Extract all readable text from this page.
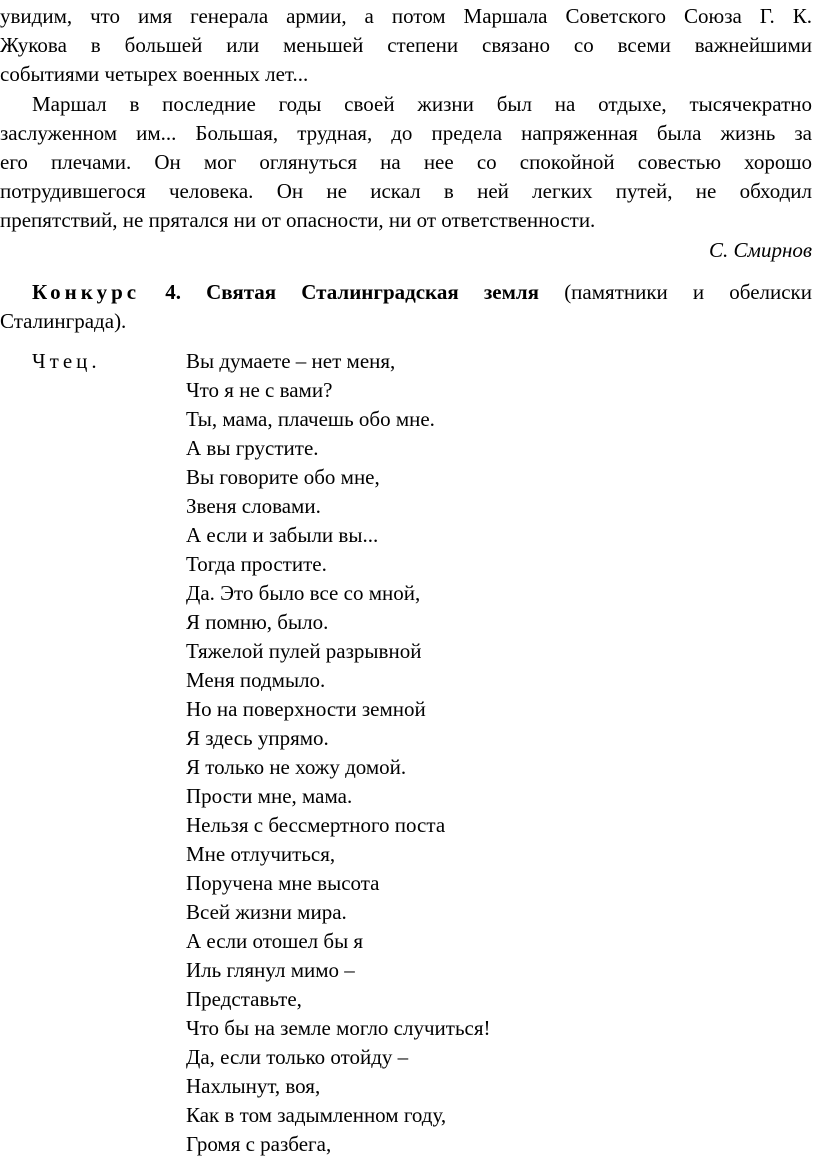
увидим, что имя генерала армии, а потом Маршала Советского Союза Г. К.
Жукова в большей или меньшей степени связано со всеми важнейшими
событиями четырех военных лет...
Маршал в последние годы своей жизни был на отдыхе, тысячекратно
заслуженном им... Большая, трудная, до предела напряженная была жизнь за
его плечами. Он мог оглянуться на нее со спокойной совестью хорошо
потрудившегося человека. Он не искал в ней легких путей, не обходил
препятствий, не прятался ни от опасности, ни от ответственности.
С. Смирнов
Конкурс 4. Святая Сталинградская земля (памятники и обелиски
Сталинграда).
Чтец.	Вы думаете – нет меня,
Что я не с вами?
Ты, мама, плачешь обо мне.
А вы грустите.
Вы говорите обо мне,
Звеня словами.
А если и забыли вы...
Тогда простите.
Да. Это было все со мной,
Я помню, было.
Тяжелой пулей разрывной
Меня подмыло.
Но на поверхности земной
Я здесь упрямо.
Я только не хожу домой.
Прости мне, мама.
Нельзя с бессмертного поста
Мне отлучиться,
Поручена мне высота
Всей жизни мира.
А если отошел бы я
Иль глянул мимо –
Представьте,
Что бы на земле могло случиться!
Да, если только отойду –
Нахлынут, воя,
Как в том задымленном году,
Громя с разбега,
